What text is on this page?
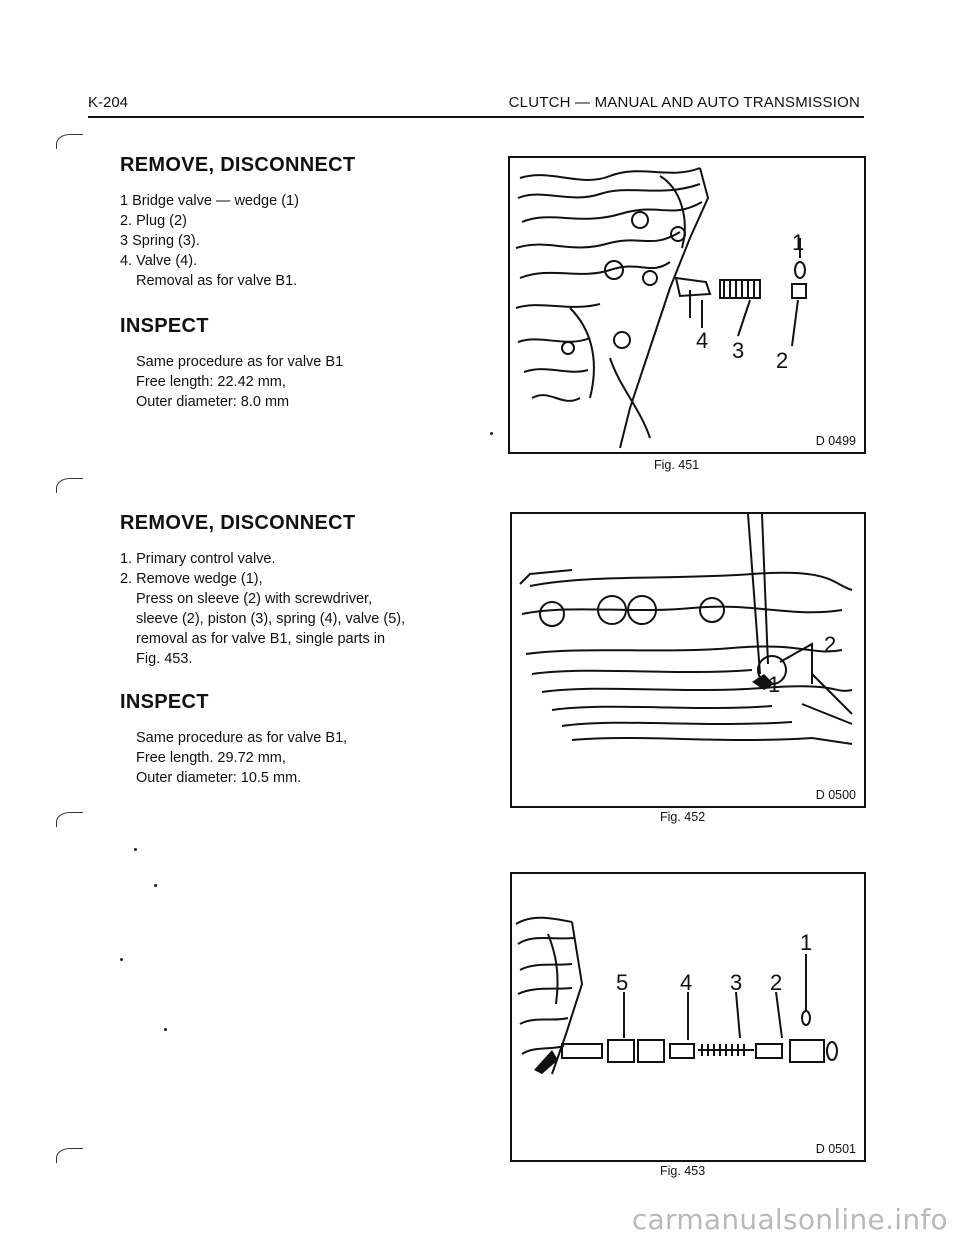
K-204	CLUTCH — MANUAL AND AUTO TRANSMISSION
REMOVE, DISCONNECT
1 Bridge valve — wedge (1)
2. Plug (2)
3 Spring (3).
4. Valve (4).
Removal as for valve B1.
INSPECT
Same procedure as for valve B1
Free length: 22.42 mm,
Outer diameter: 8.0 mm
REMOVE, DISCONNECT
1. Primary control valve.
2. Remove wedge (1),
Press on sleeve (2) with screwdriver,
sleeve (2), piston (3), spring (4), valve (5),
removal as for valve B1, single parts in
Fig. 453.
INSPECT
Same procedure as for valve B1,
Free length. 29.72 mm,
Outer diameter: 10.5 mm.
1
4 3 2
D 0499
Fig. 451
2
1
D 0500
Fig. 452
1
5 4 3 2
D 0501
Fig. 453
carmanualsonline.info
